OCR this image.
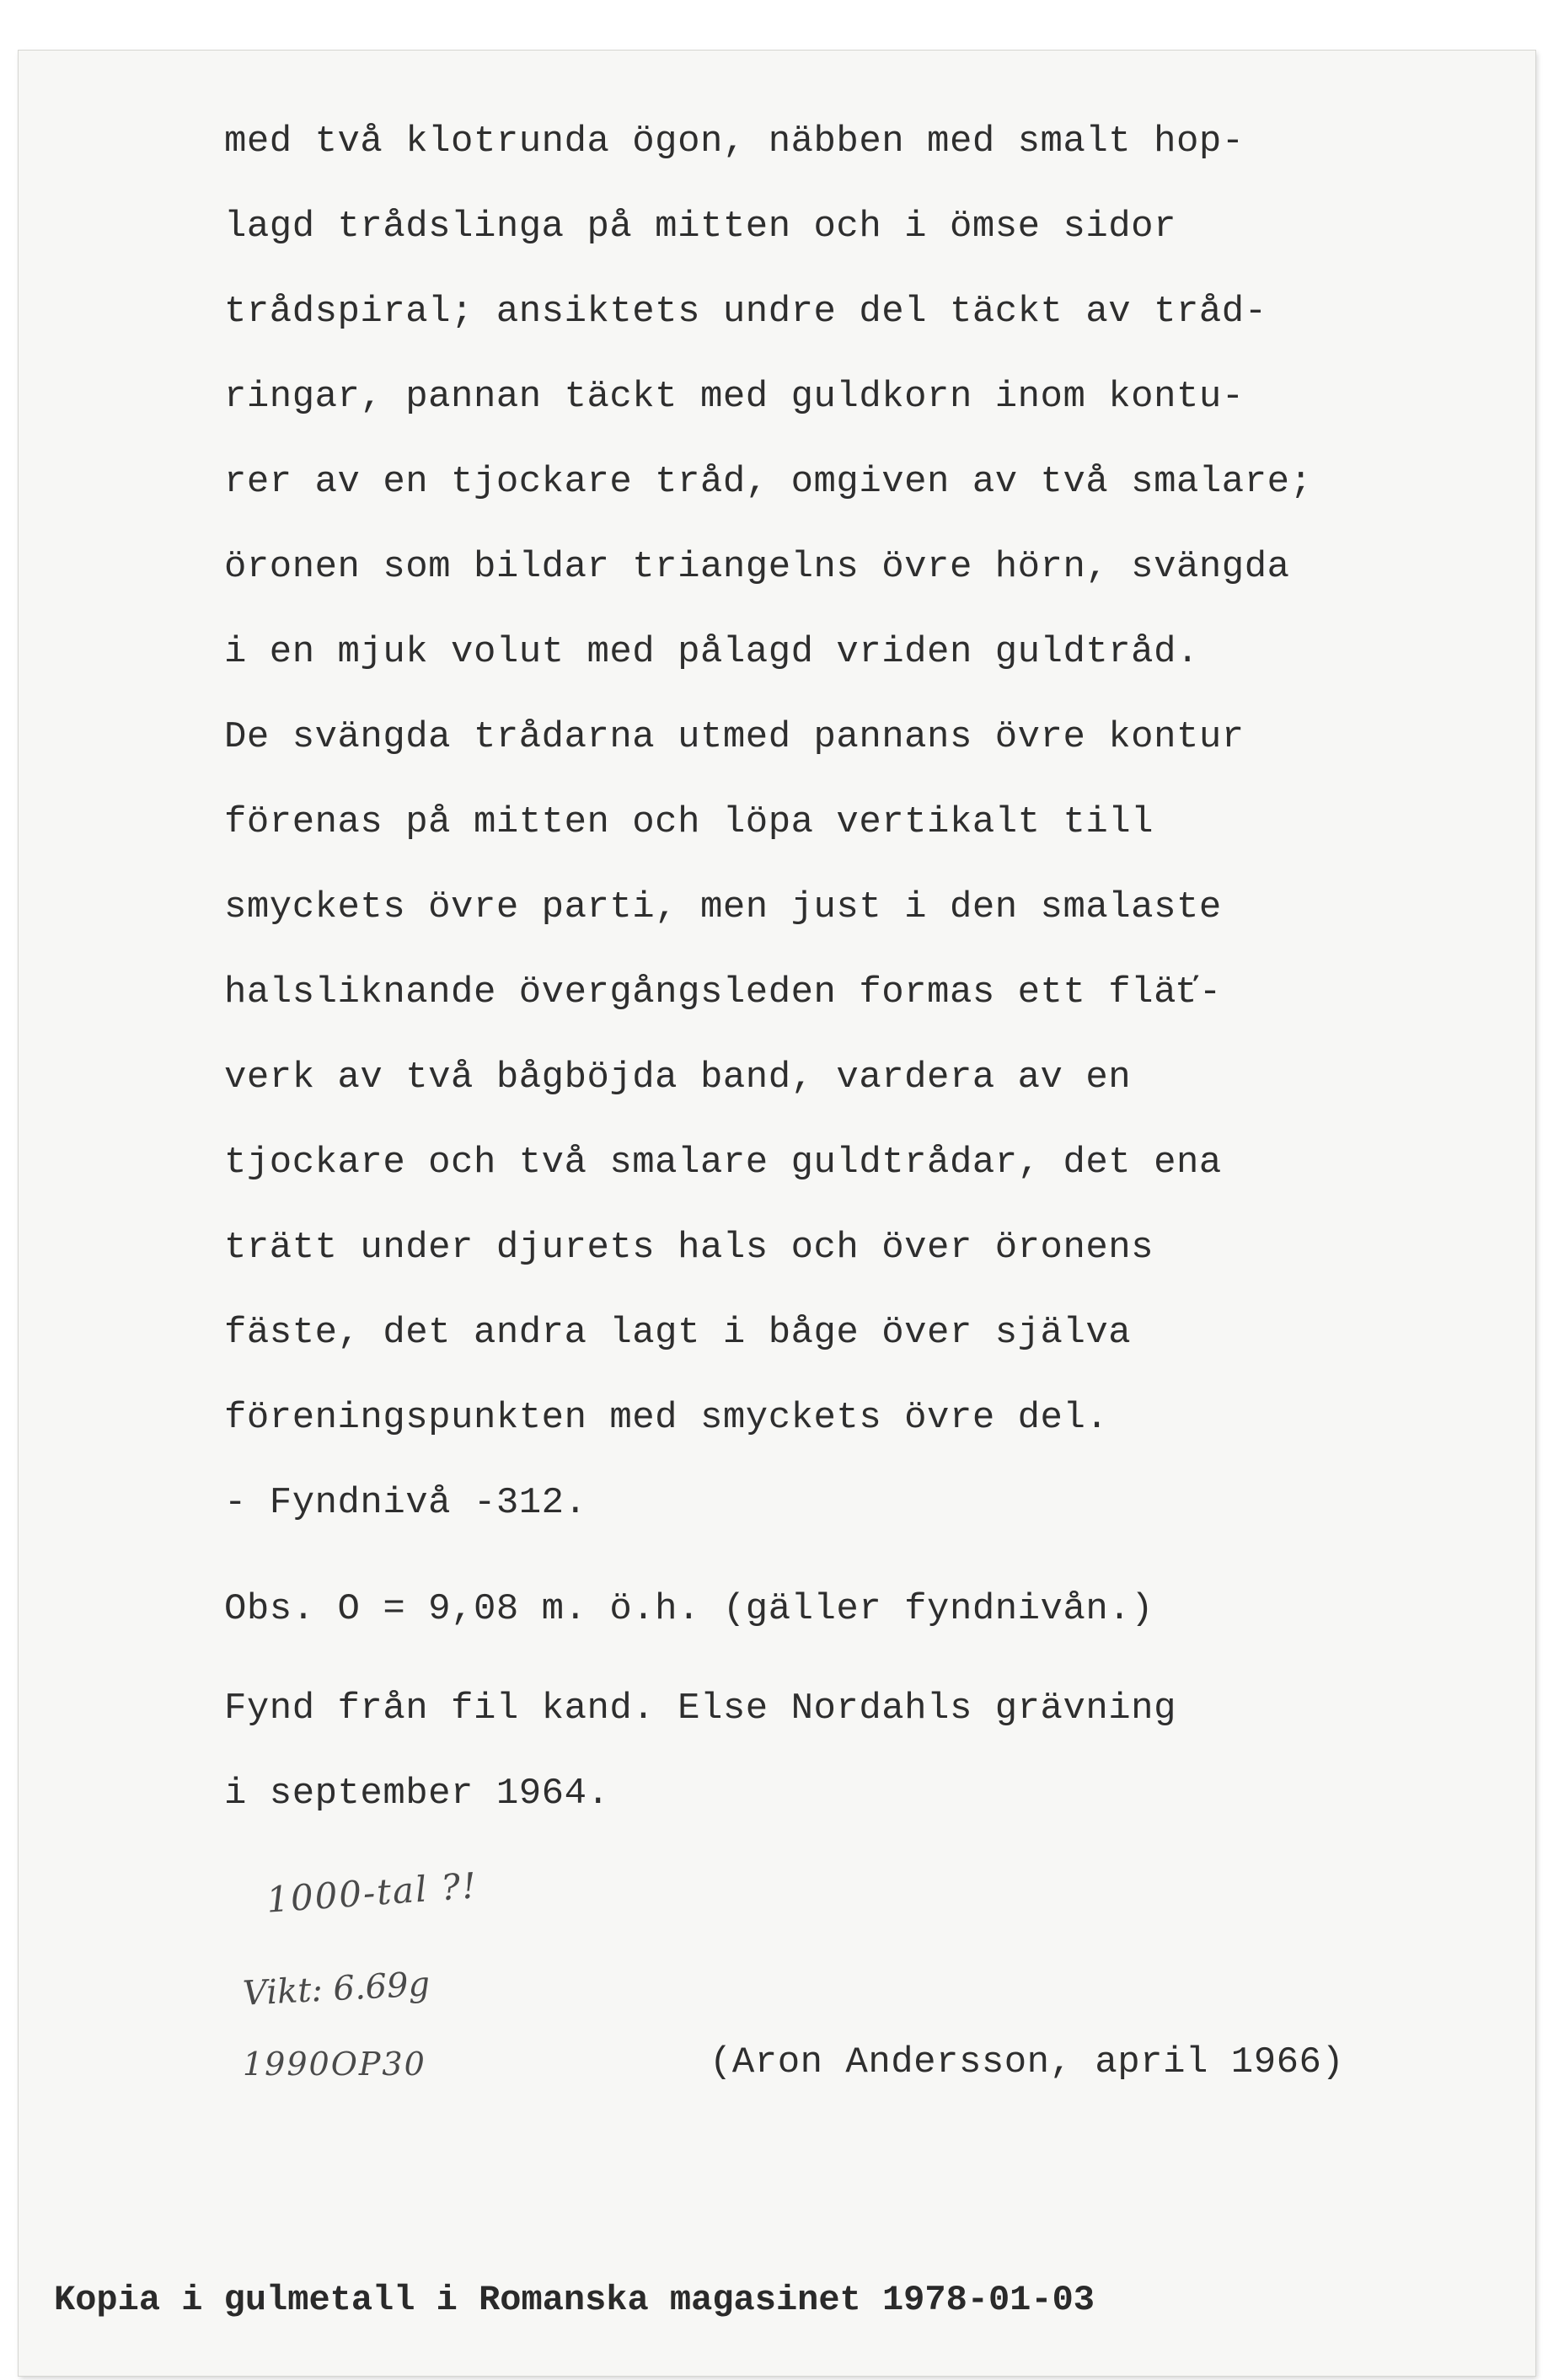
med två klotrunda ögon, näbben med smalt hop-
lagd trådslinga på mitten och i ömse sidor
trådspiral; ansiktets undre del täckt av tråd-
ringar, pannan täckt med guldkorn inom kontu-
rer av en tjockare tråd, omgiven av två smalare;
öronen som bildar triangelns övre hörn, svängda
i en mjuk volut med pålagd vriden guldtråd.
De svängda trådarna utmed pannans övre kontur
förenas på mitten och löpa vertikalt till
smyckets övre parti, men just i den smalaste
halsliknande övergångsleden formas ett fläť-
verk av två bågböjda band, vardera av en
tjockare och två smalare guldtrådar, det ena
trätt under djurets hals och över öronens
fäste, det andra lagt i båge över själva
föreningspunkten med smyckets övre del.
- Fyndnivå -312.
Obs. O = 9,08 m. ö.h. (gäller fyndnivån.)
Fynd från fil kand. Else Nordahls grävning
i september 1964.
1000-tal ?!
Vikt: 6.69g
1990OP30	(Aron Andersson, april 1966)
Kopia i gulmetall i Romanska magasinet 1978-01-03
